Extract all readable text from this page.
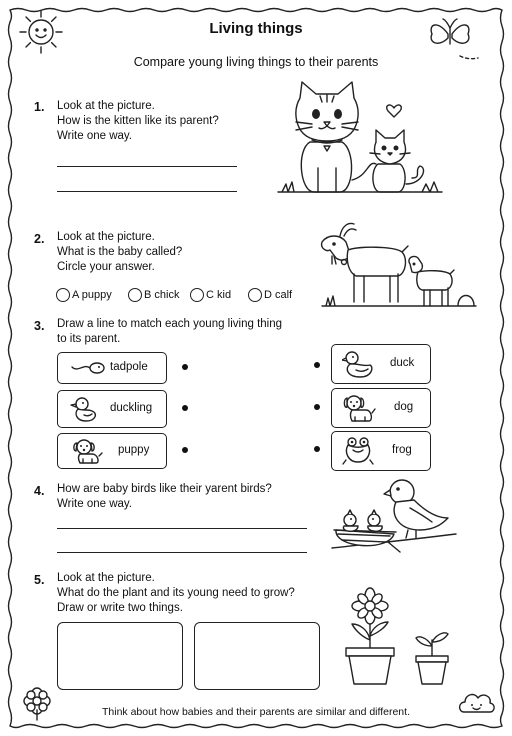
Living things
Compare young living things to their parents
1. Look at the picture.
How is the kitten like its parent?
Write one way.
2. Look at the picture.
What is the baby called?
Circle your answer.
A puppy	B chick C kid	D calf
3. Draw a line to match each young living thing
to its parent.
tadpole
duckling
puppy
duck
dog
frog
4. How are baby birds like their yarent birds?
Write one way.
5. Look at the picture.
What do the plant and its young need to grow?
Draw or write two things.
Think about how babies and their parents are similar and different.
